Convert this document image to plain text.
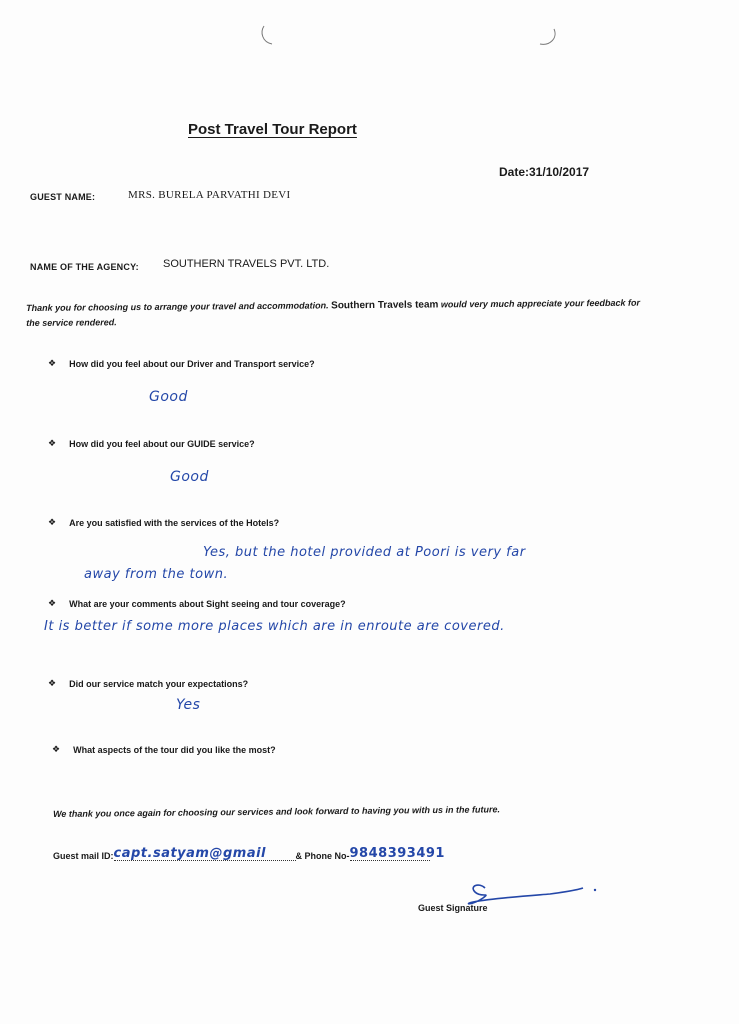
Post Travel Tour Report
Date:31/10/2017
GUEST NAME:	MRS. BURELA PARVATHI DEVI
NAME OF THE AGENCY: SOUTHERN TRAVELS PVT. LTD.
Thank you for choosing us to arrange your travel and accommodation. Southern Travels team would very much appreciate your feedback for the service rendered.
❖ How did you feel about our Driver and Transport service?
Good
❖ How did you feel about our GUIDE service?
Good
❖ Are you satisfied with the services of the Hotels?
Yes, but the hotel provided at Poori is very far
away from the town.
❖ What are your comments about Sight seeing and tour coverage?
It is better if some more places which are in enroute are covered.
❖ Did our service match your expectations?
Yes
❖ What aspects of the tour did you like the most?
We thank you once again for choosing our services and look forward to having you with us in the future.
Guest mail ID: capt.satyam@gmail	& Phone No- 9848393491
Guest Signature
